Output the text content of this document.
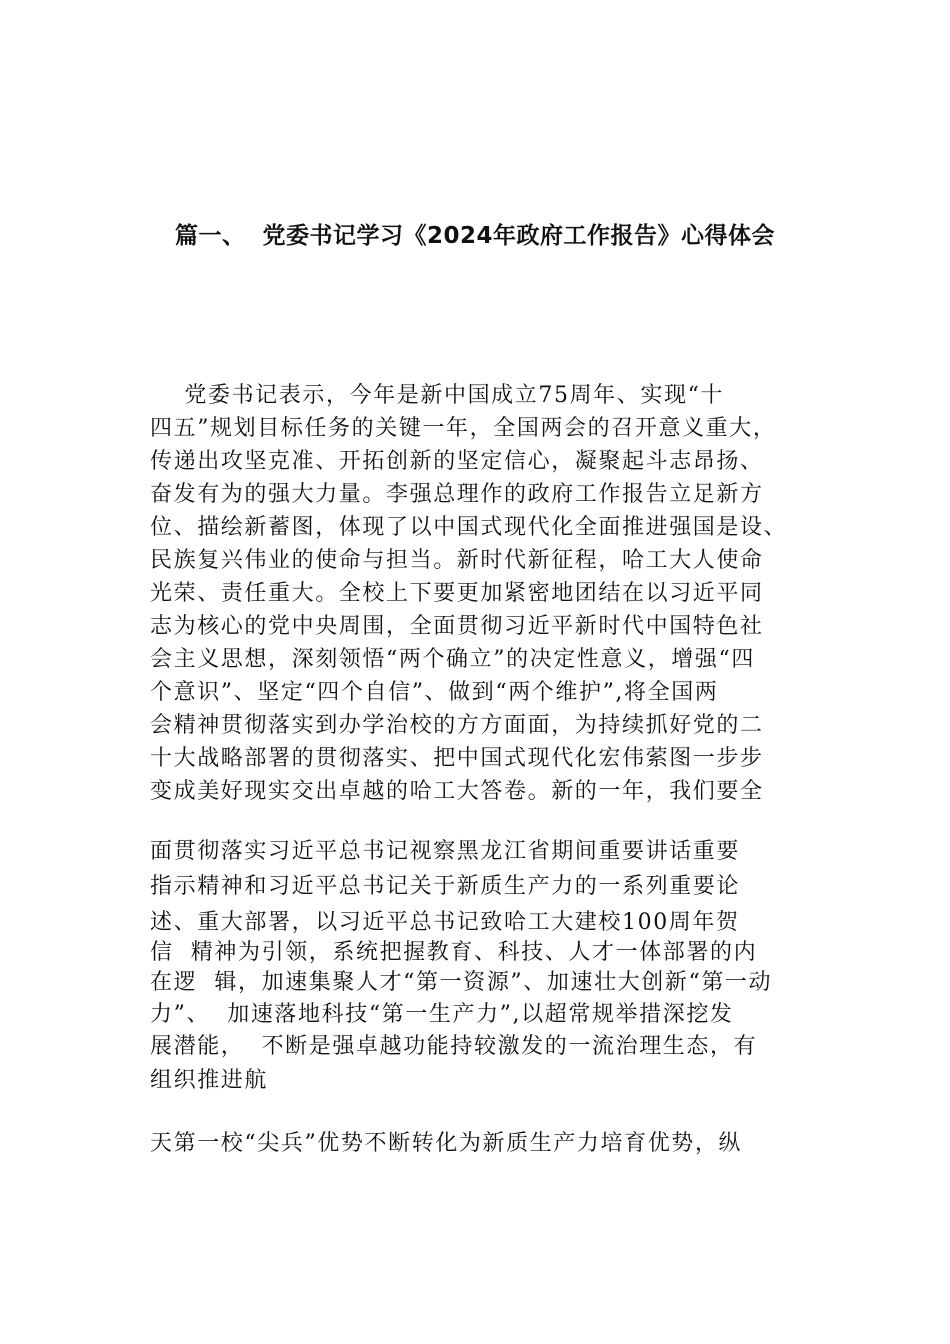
篇一、  党委书记学习《2024年政府工作报告》心得体会
党委书记表示，今年是新中国成立75周年、实现“十
四五”规划目标任务的关键一年，全国两会的召开意义重大，
传递出攻坚克准、开拓创新的坚定信心，凝聚起斗志昂扬、
奋发有为的强大力量。李强总理作的政府工作报告立足新方
位、描绘新蓄图，体现了以中国式现代化全面推进强国是设、
民族复兴伟业的使命与担当。新时代新征程，哈工大人使命
光荣、责任重大。全校上下要更加紧密地团结在以习近平同
志为核心的党中央周围，全面贯彻习近平新时代中国特色社
会主义思想，深刻领悟“两个确立”的决定性意义，增强“四
个意识”、坚定“四个自信”、做到“两个维护”,将全国两
会精神贯彻落实到办学治校的方方面面，为持续抓好党的二
十大战略部署的贯彻落实、把中国式现代化宏伟萦图一步步
变成美好现实交出卓越的哈工大答卷。新的一年，我们要全
面贯彻落实习近平总书记视察黑龙江省期间重要讲话重要
指示精神和习近平总书记关于新质生产力的一系列重要论
述、重大部署，以习近平总书记致哈工大建校100周年贺
信  精神为引领，系统把握教育、科技、人才一体部署的内
在逻  辑，加速集聚人才“第一资源”、加速壮大创新“第一动
力”、  加速落地科技“第一生产力”,以超常规举措深挖发
展潜能，  不断是强卓越功能持较激发的一流治理生态，有
组织推进航
天第一校“尖兵”优势不断转化为新质生产力培育优势，纵
